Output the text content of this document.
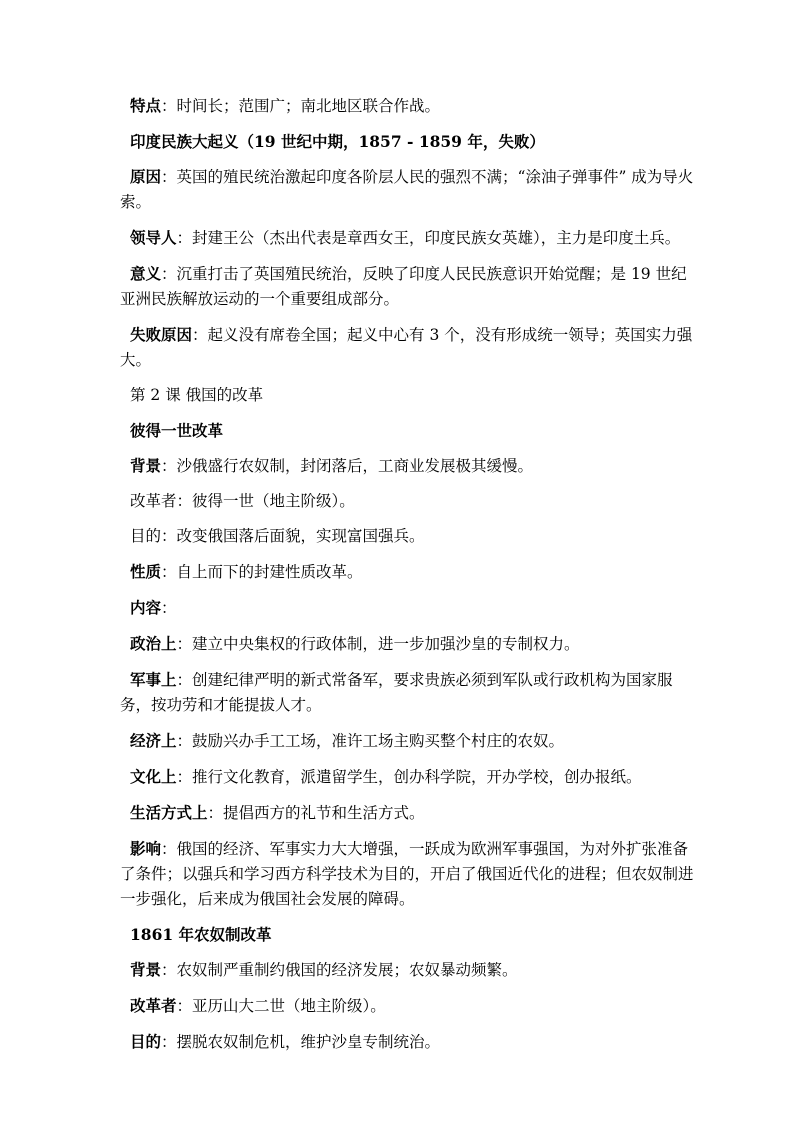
特点：时间长；范围广；南北地区联合作战。

印度民族大起义（19 世纪中期，1857 - 1859 年，失败）

原因：英国的殖民统治激起印度各阶层人民的强烈不满；“涂油子弹事件” 成为导火索。

领导人：封建王公（杰出代表是章西女王，印度民族女英雄），主力是印度土兵。

意义：沉重打击了英国殖民统治，反映了印度人民民族意识开始觉醒；是 19 世纪亚洲民族解放运动的一个重要组成部分。

失败原因：起义没有席卷全国；起义中心有 3 个，没有形成统一领导；英国实力强大。

第 2 课 俄国的改革

彼得一世改革

背景：沙俄盛行农奴制，封闭落后，工商业发展极其缓慢。

改革者：彼得一世（地主阶级）。

目的：改变俄国落后面貌，实现富国强兵。

性质：自上而下的封建性质改革。

内容：

政治上：建立中央集权的行政体制，进一步加强沙皇的专制权力。

军事上：创建纪律严明的新式常备军，要求贵族必须到军队或行政机构为国家服务，按功劳和才能提拔人才。

经济上：鼓励兴办手工工场，准许工场主购买整个村庄的农奴。

文化上：推行文化教育，派遣留学生，创办科学院，开办学校，创办报纸。

生活方式上：提倡西方的礼节和生活方式。

影响：俄国的经济、军事实力大大增强，一跃成为欧洲军事强国，为对外扩张准备了条件；以强兵和学习西方科学技术为目的，开启了俄国近代化的进程；但农奴制进一步强化，后来成为俄国社会发展的障碍。

1861 年农奴制改革

背景：农奴制严重制约俄国的经济发展；农奴暴动频繁。

改革者：亚历山大二世（地主阶级）。

目的：摆脱农奴制危机，维护沙皇专制统治。
